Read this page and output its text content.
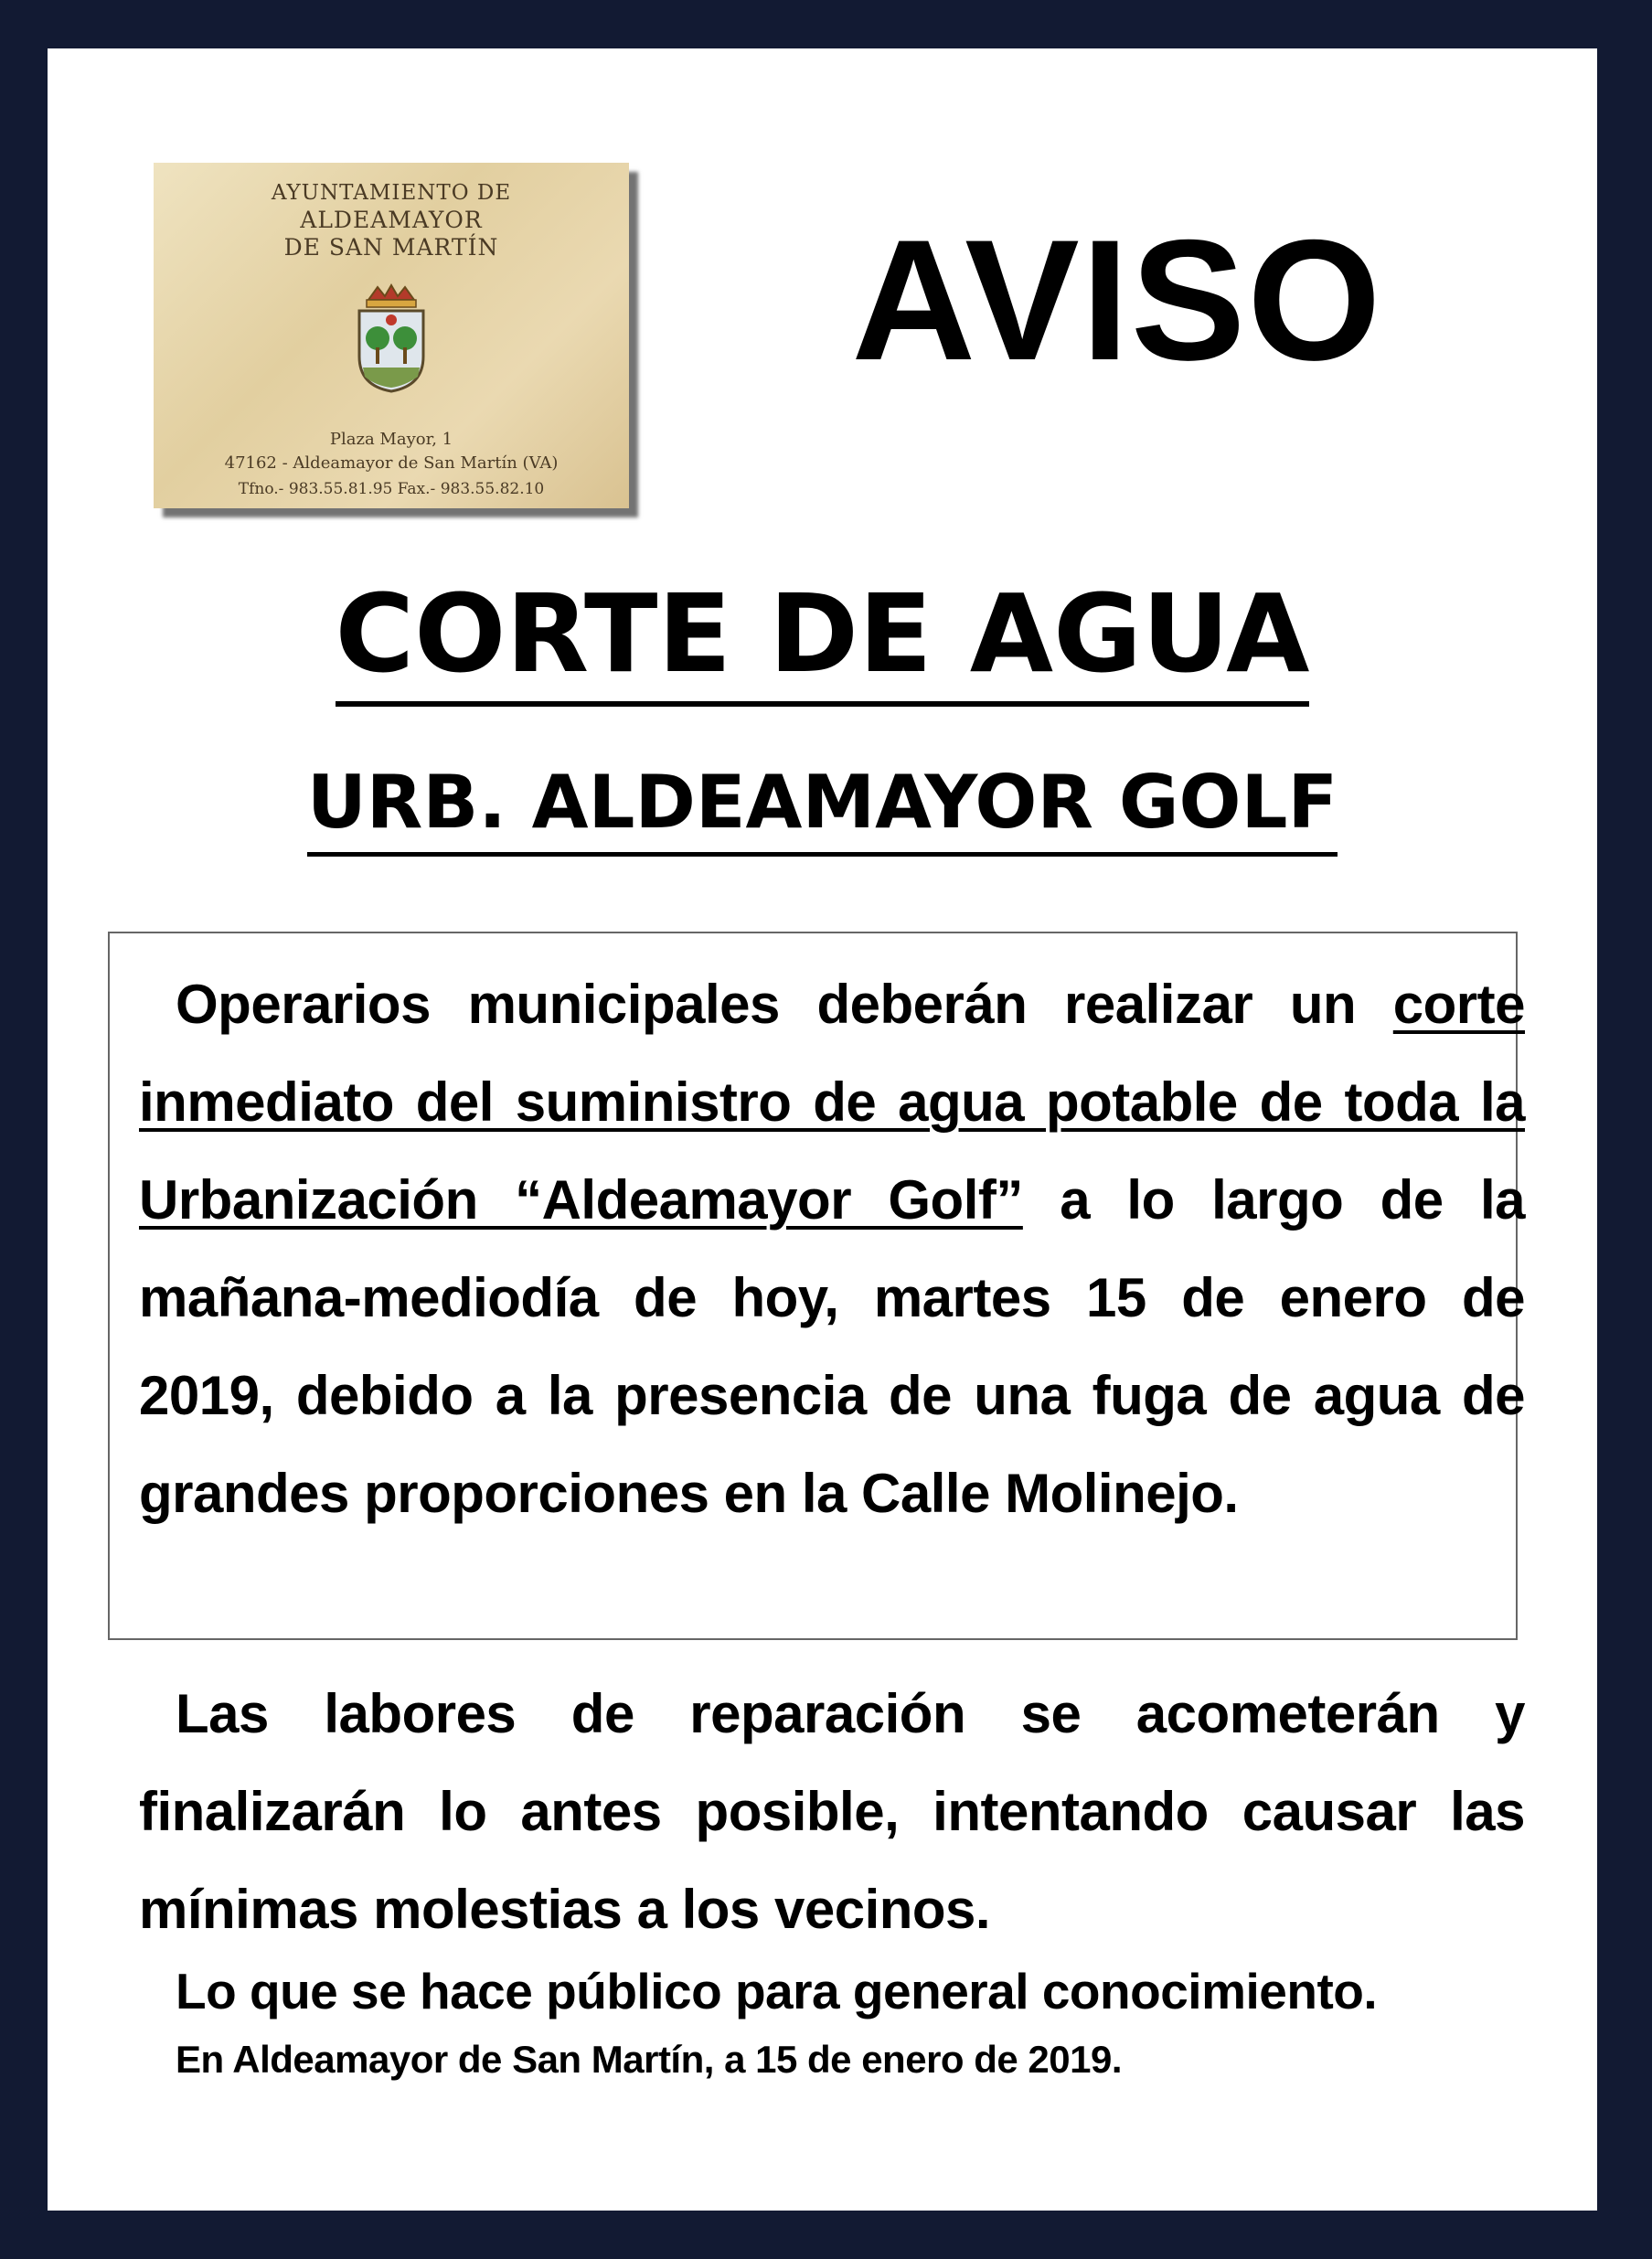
AYUNTAMIENTO DE
ALDEAMAYOR
DE SAN MARTÍN
Plaza Mayor, 1
47162 - Aldeamayor de San Martín (VA)
Tfno.- 983.55.81.95 Fax.- 983.55.82.10
AVISO
CORTE DE AGUA
URB. ALDEAMAYOR GOLF
Operarios municipales deberán realizar un corte inmediato del suministro de agua potable de toda la Urbanización “Aldeamayor Golf” a lo largo de la mañana-mediodía de hoy, martes 15 de enero de 2019, debido a la presencia de una fuga de agua de grandes proporciones en la Calle Molinejo.
Las labores de reparación se acometerán y finalizarán lo antes posible, intentando causar las mínimas molestias a los vecinos.
Lo que se hace público para general conocimiento.
En Aldeamayor de San Martín, a 15 de enero de 2019.
